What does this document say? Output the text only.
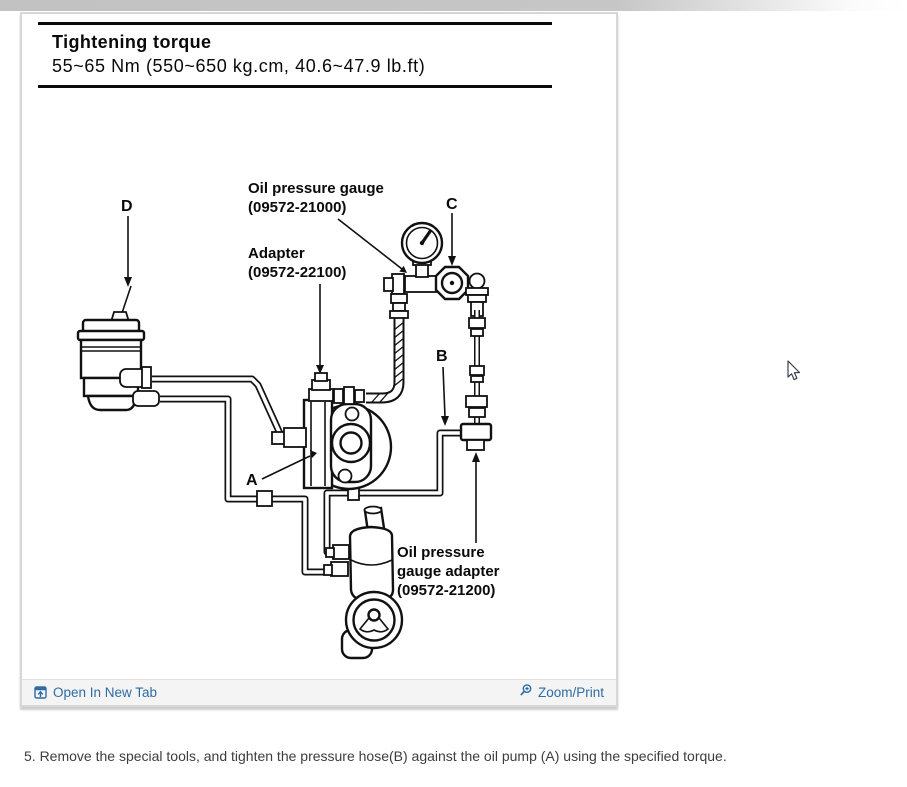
Tightening torque
55~65 Nm (550~650 kg.cm, 40.6~47.9 lb.ft)
Oil pressure gauge
(09572-21000)
Adapter
(09572-22100)
Oil pressure
gauge adapter
(09572-21200)
D	C
B
A
Open In New Tab	Zoom/Print
5. Remove the special tools, and tighten the pressure hose(B) against the oil pump (A) using the specified torque.
